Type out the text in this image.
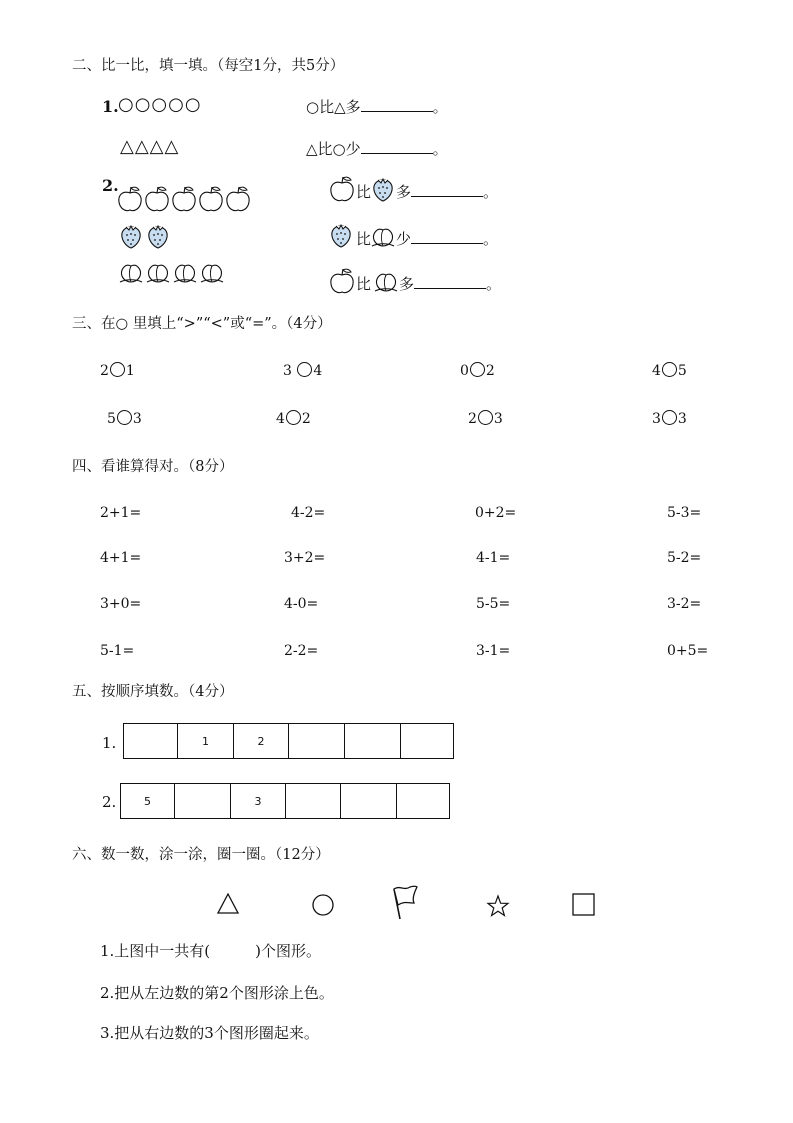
二、比一比，填一填。（每空1分，共5分）
1. ○○○○○
△△△△
○比△多	。
△比○少	。
2.	比 多	。
比 少	。
比 多	。
三、在○ 里填上“>”“<”或“=”。（4分）
2 1	3 4	0 2	4 5
5 3	4 2	2 3	3 3
四、看谁算得对。（8分）
2+1=	4-2=	0+2=	5-3=
4+1=	3+2=	4-1=	5-2=
3+0=	4-0=	5-5=	3-2=
5-1=	2-2=	3-1=	0+5=
五、按顺序填数。（4分）
1.
		1	2			
2.	5		3			
六、数一数，涂一涂，圈一圈。（12分）
1.上图中一共有(　　　)个图形。
2.把从左边数的第2个图形涂上色。
3.把从右边数的3个图形圈起来。
